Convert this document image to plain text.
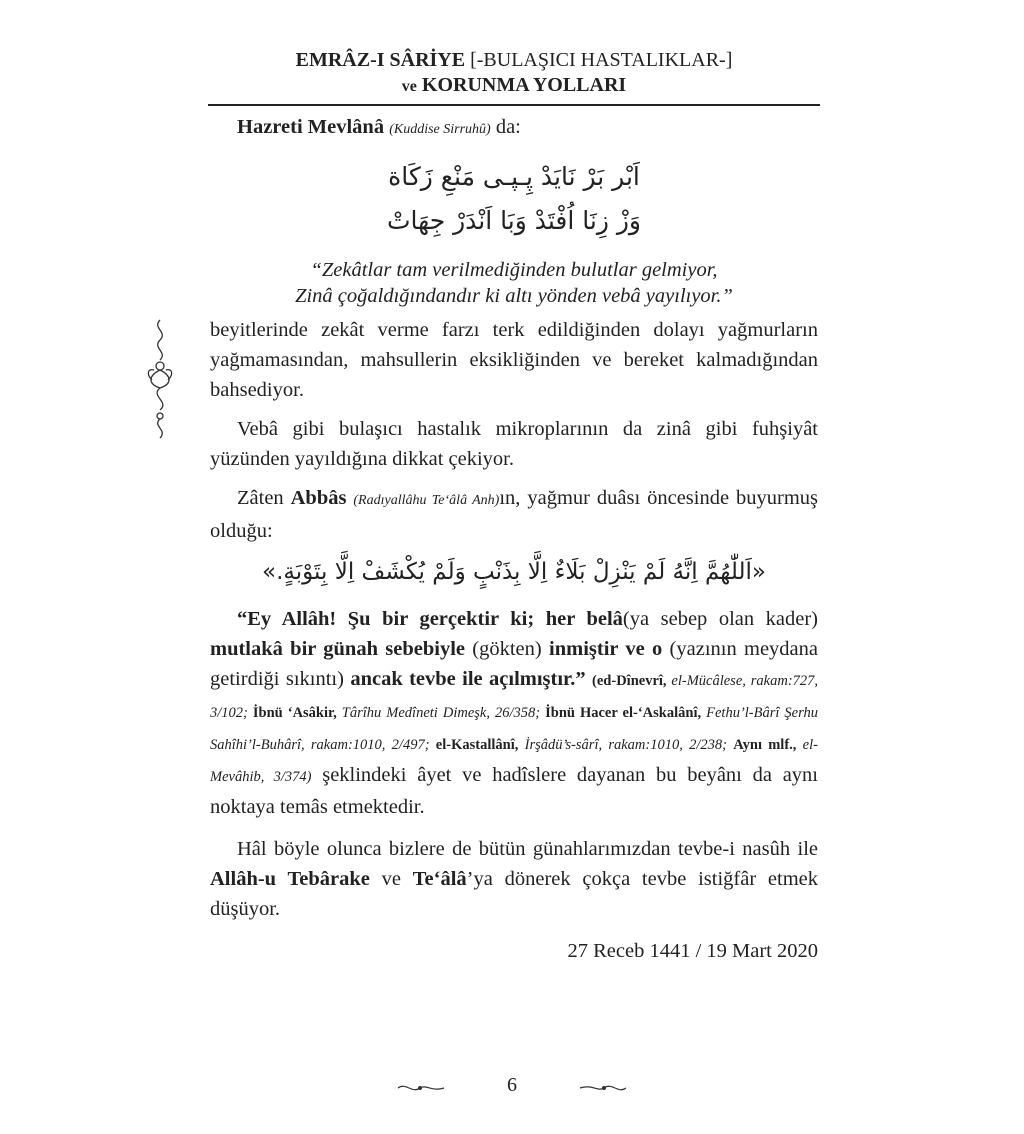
EMRÂZ-I SÂRİYE [-BULAŞICI HASTALIKLAR-]
ve KORUNMA YOLLARI

Hazreti Mevlânâ (Kuddise Sirruhû) da:

اَبْر بَرْ نَايَدْ پِـﭙـى مَنْعِ زَكَاة
وَزْ زِنَا اُفْتَدْ وَبَا اَنْدَرْ جِهَاتْ
“Zekâtlar tam verilmediğinden bulutlar gelmiyor,
Zinâ çoğaldığındandır ki altı yönden vebâ yayılıyor.”

beyitlerinde zekât verme farzı terk edildiğinden dolayı yağmurların yağmamasından, mahsullerin eksikliğinden ve bereket kalmadığından bahsediyor.

Vebâ gibi bulaşıcı hastalık mikroplarının da zinâ gibi fuhşiyât yüzünden yayıldığına dikkat çekiyor.

Zâten Abbâs (Radıyallâhu Te‘âlâ Anh)ın, yağmur duâsı öncesinde buyurmuş olduğu:

«اَللّٰهُمَّ اِنَّهُ لَمْ يَنْزِلْ بَلَاءٌ اِلَّا بِذَنْبٍ وَلَمْ يُكْشَفْ اِلَّا بِتَوْبَةٍ.»

“Ey Allâh! Şu bir gerçektir ki; her belâ(ya sebep olan kader) mutlakâ bir günah sebebiyle (gökten) inmiştir ve o (yazının meydana getirdiği sıkıntı) ancak tevbe ile açılmıştır.” (ed-Dînevrî, el-Mücâlese, rakam:727, 3/102; İbnü ‘Asâkir, Târîhu Medîneti Dimeşk, 26/358; İbnü Hacer el-‘Askalânî, Fethu’l-Bârî Şerhu Sahîhi’l-Buhârî, rakam:1010, 2/497; el-Kastallânî, İrşâdü’s-sârî, rakam:1010, 2/238; Aynı mlf., el-Mevâhib, 3/374) şeklindeki âyet ve hadîslere dayanan bu beyânı da aynı noktaya temâs etmektedir.

Hâl böyle olunca bizlere de bütün günahlarımızdan tevbe-i nasûh ile Allâh-u Tebârake ve Te‘âlâ’ya dönerek çokça tevbe istiğfâr etmek düşüyor.

27 Receb 1441 / 19 Mart 2020

6
